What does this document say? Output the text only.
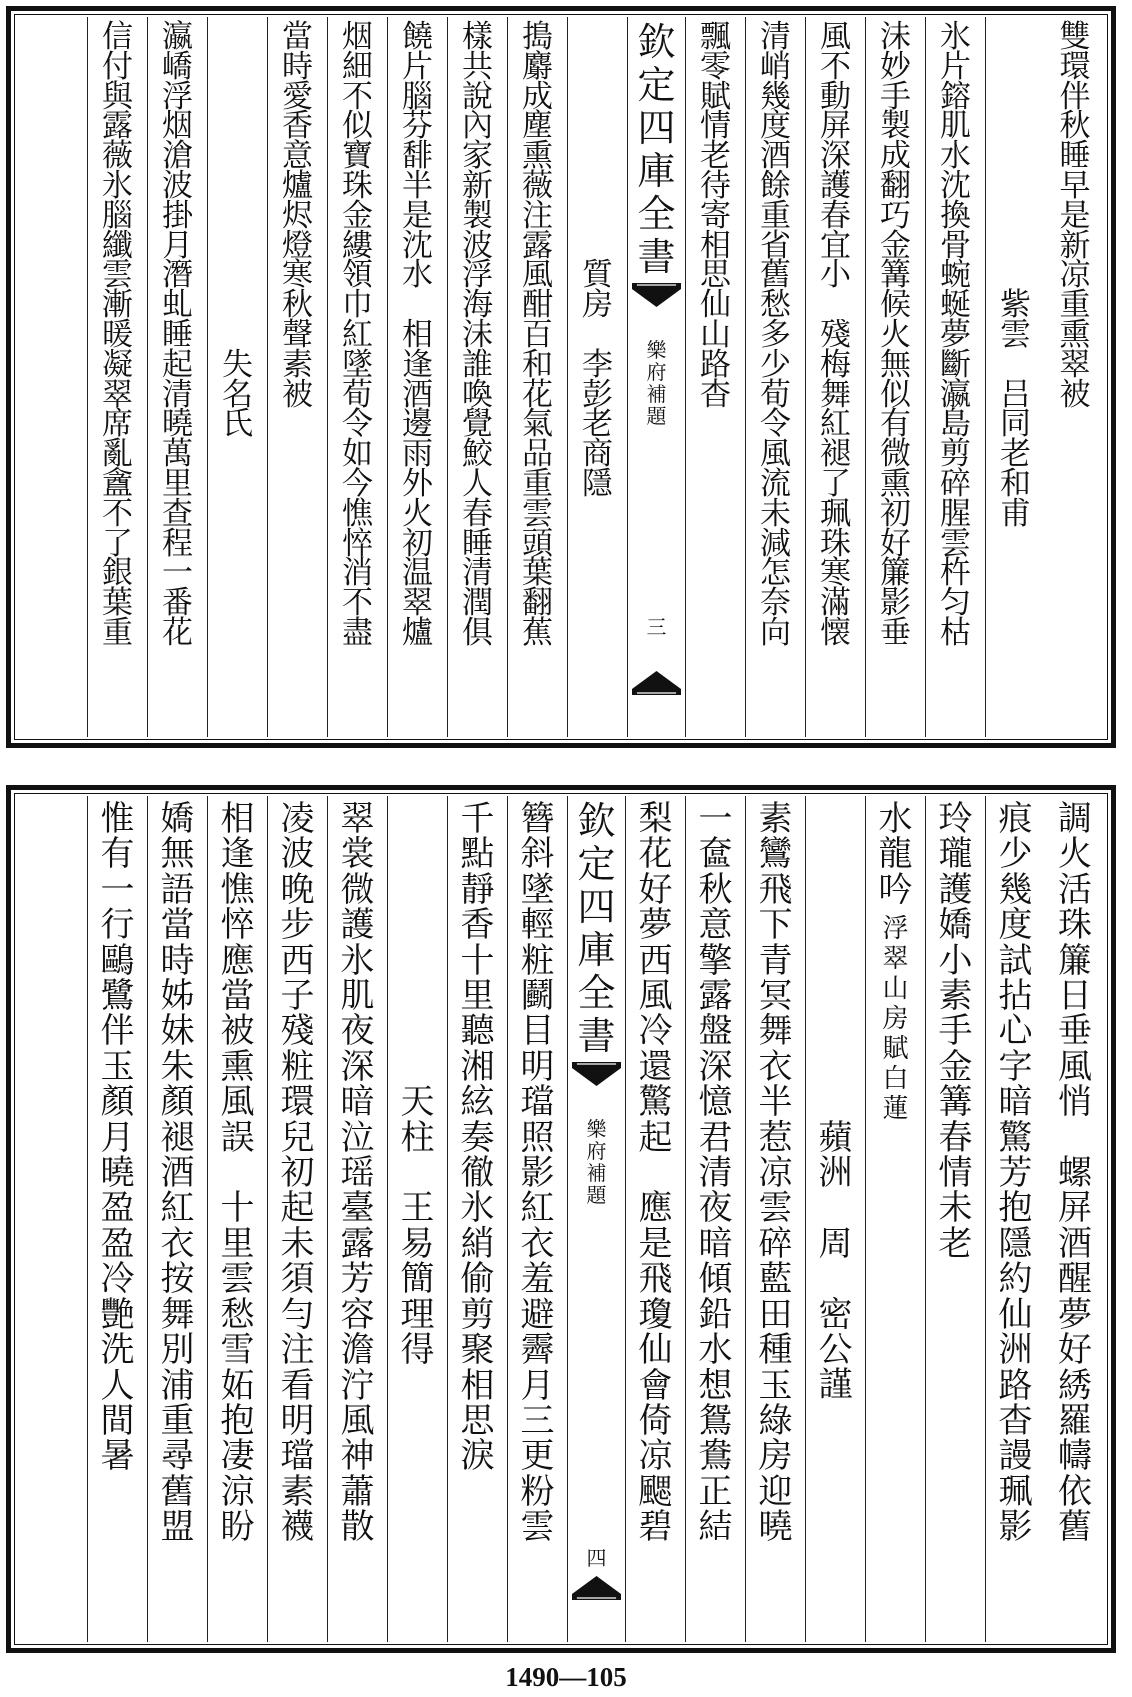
雙
環
伴
秋
睡
早
是
新
凉
重
熏
翠
被
紫
雲
吕
同
老
和
甫
氷
片
鎔
肌
水
沈
換
骨
蜿
蜒
夢
斷
瀛
島
剪
碎
腥
雲
杵
匀
枯
沬
妙
手
製
成
翻
巧
金
篝
候
火
無
似
有
微
熏
初
好
簾
影
垂
風
不
動
屏
深
護
春
宜
小

殘
梅
舞
紅
褪
了
珮
珠
寒
滿
懐
清
峭
幾
度
酒
餘
重
省
舊
愁
多
少
荀
令
風
流
未
減
怎
奈
向
飄
零
賦
情
老
待
寄
相
思
仙
山
路
杳
欽
定
四
庫
全
書
樂
府
補
題
三
質
房
李
彭
老
商
隱
搗
麝
成
塵
熏
薇
注
露
風
酣
百
和
花
氣
品
重
雲
頭
葉
翻
蕉
樣
共
說
內
家
新
製
波
浮
海
沬
誰
喚
覺
鮫
人
春
睡
清
潤
俱
饒
片
腦
芬
馡
半
是
沈
水

相
逢
酒
邊
雨
外
火
初
温
翠
爐
烟
細
不
似
寶
珠
金
縷
領
巾
紅
墜
荀
令
如
今
憔
悴
消
不
盡
當
時
愛
香
意
爐
烬
燈
寒
秋
聲
素
被
失
名
氏
瀛
嶠
浮
烟
滄
波
掛
月
潛
虬
睡
起
清
曉
萬
里
查
程
一
番
花
信
付
與
露
薇
氷
腦
纖
雲
漸
暖
凝
翠
席
亂
盦
不
了
銀
葉
重
調
火
活
珠
簾
日
垂
風
悄

螺
屏
酒
醒
夢
好
綉
羅
幬
依
舊
痕
少
幾
度
試
拈
心
字
暗
驚
芳
抱
隱
約
仙
洲
路
杳
謾
珮
影
玲
瓏
護
嬌
小
素
手
金
篝
春
情
未
老
水
龍
吟
浮
翠
山
房
賦
白
蓮
蘋
洲
周
密
公
謹
素
鸞
飛
下
青
冥
舞
衣
半
惹
凉
雲
碎
藍
田
種
玉
綠
房
迎
曉
一
奩
秋
意
擎
露
盤
深
憶
君
清
夜
暗
傾
鉛
水
想
鴛
鴦
正
結
梨
花
好
夢
西
風
冷
還
驚
起

應
是
飛
瓊
仙
會
倚
凉
颸
碧
欽
定
四
庫
全
書
樂
府
補
題
四
簪
斜
墜
輕
粧
鬬
目
明
璫
照
影
紅
衣
羞
避
霽
月
三
更
粉
雲
千
點
靜
香
十
里
聽
湘
絃
奏
徹
氷
綃
偷
剪
聚
相
思
淚
天
柱
王
易
簡
理
得
翠
裳
微
護
氷
肌
夜
深
暗
泣
瑶
臺
露
芳
容
澹
泞
風
神
蕭
散
凌
波
晚
步
西
子
殘
粧
環
兒
初
起
未
須
勻
注
看
明
璫
素
襪
相
逢
憔
悴
應
當
被
熏
風
誤

十
里
雲
愁
雪
妬
抱
凄
涼
盼
嬌
無
語
當
時
姊
妹
朱
顏
褪
酒
紅
衣
按
舞
別
浦
重
尋
舊
盟
惟
有
一
行
鷗
鷺
伴
玉
顏
月
曉
盈
盈
冷
艷
洗
人
間
暑
1490—105
